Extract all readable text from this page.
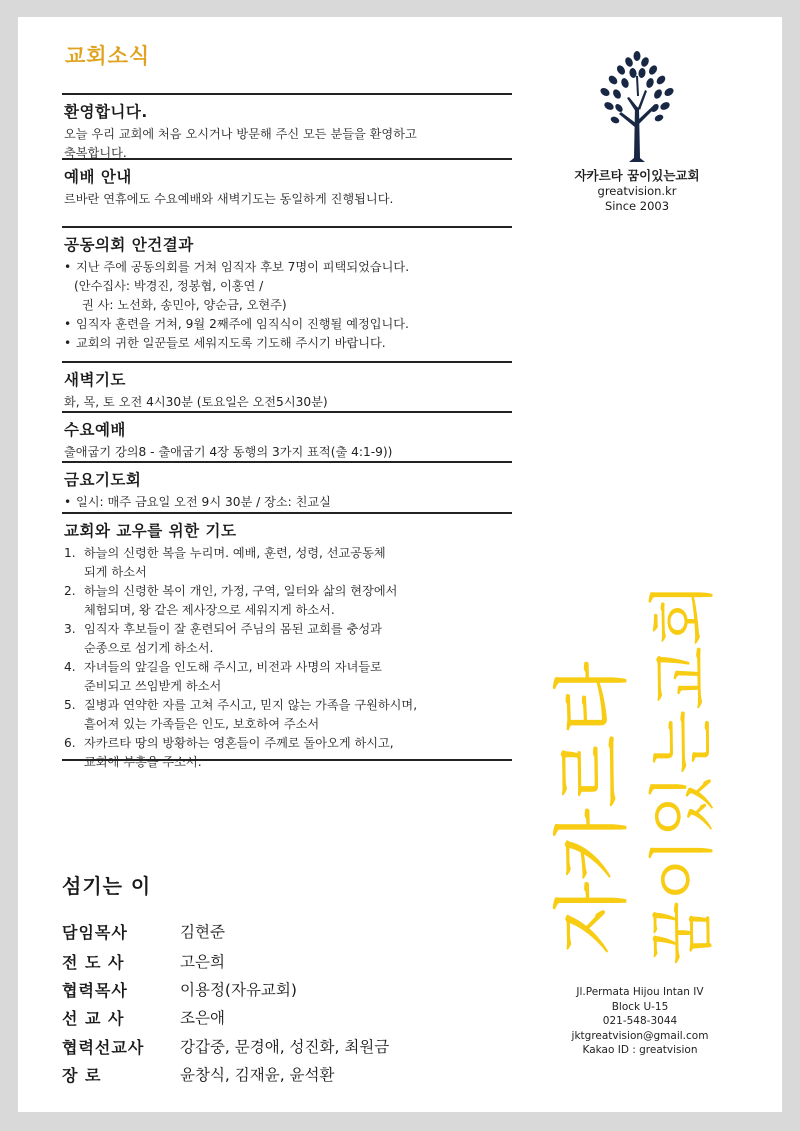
교회소식
환영합니다.
오늘 우리 교회에 처음 오시거나 방문해 주신 모든 분들을 환영하고
축복합니다.
예배 안내
르바란 연휴에도 수요예배와 새벽기도는 동일하게 진행됩니다.
공동의회 안건결과
• 지난 주에 공동의회를 거쳐 임직자 후보 7명이 피택되었습니다.
(안수집사: 박경진, 정봉협, 이홍연 /
권 사: 노선화, 송민아, 양순금, 오현주)
• 임직자 훈련을 거쳐, 9월 2째주에 임직식이 진행될 예정입니다.
• 교회의 귀한 일꾼들로 세워지도록 기도해 주시기 바랍니다.
새벽기도
화, 목, 토 오전 4시30분 (토요일은 오전5시30분)
수요예배
출애굽기 강의8 - 출애굽기 4장 동행의 3가지 표적(출 4:1-9))
금요기도회
• 일시: 매주 금요일 오전 9시 30분 / 장소: 친교실
교회와 교우를 위한 기도
1. 하늘의 신령한 복을 누리며. 예배, 훈련, 성령, 선교공동체
되게 하소서
2. 하늘의 신령한 복이 개인, 가정, 구역, 일터와 삶의 현장에서
체험되며, 왕 같은 제사장으로 세워지게 하소서.
3. 임직자 후보들이 잘 훈련되어 주님의 몸된 교회를 충성과
순종으로 섬기게 하소서.
4. 자녀들의 앞길을 인도해 주시고, 비전과 사명의 자녀들로
준비되고 쓰임받게 하소서
5. 질병과 연약한 자를 고쳐 주시고, 믿지 않는 가족을 구원하시며,
흩어져 있는 가족들은 인도, 보호하여 주소서
6. 자카르타 땅의 방황하는 영혼들이 주께로 돌아오게 하시고,
교회에 부흥을 주소서.
자카르타 꿈이있는교회
greatvision.kr
Since 2003
자카르타 꿈이있는교회
섬기는 이
담임목사	김현준
전 도 사	고은희
협력목사	이용정(자유교회)
선 교 사	조은애
협력선교사	강갑중, 문경애, 성진화, 최원금
장 로	윤창식, 김재윤, 윤석환
Jl.Permata Hijou Intan IV
Block U-15
021-548-3044
jktgreatvision@gmail.com
Kakao ID : greatvision
